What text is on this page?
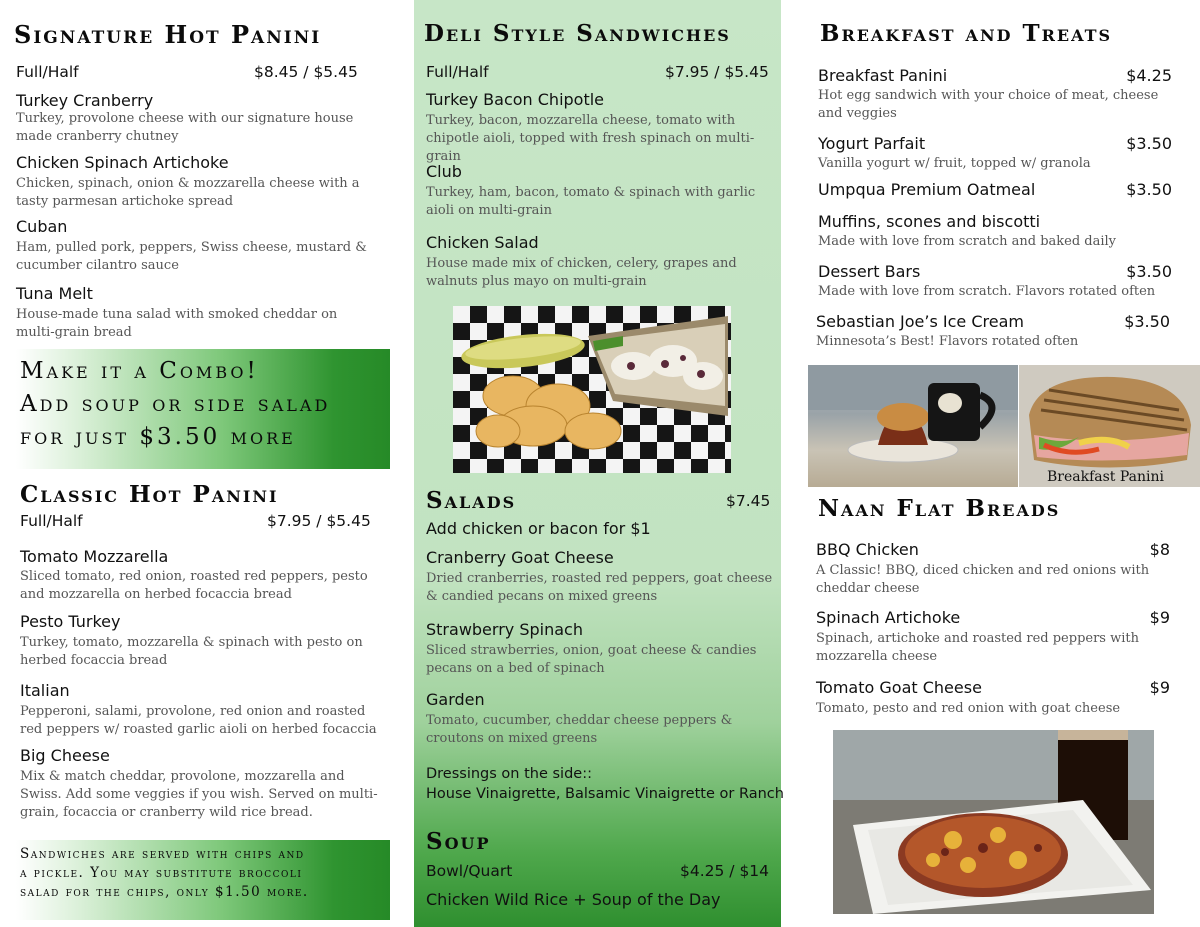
Signature Hot Panini
Full/Half	$8.45 / $5.45
Turkey Cranberry
Turkey, provolone cheese with our signature house made cranberry chutney
Chicken Spinach Artichoke
Chicken, spinach, onion & mozzarella cheese with a tasty parmesan artichoke spread
Cuban
Ham, pulled pork, peppers, Swiss cheese, mustard & cucumber cilantro sauce
Tuna Melt
House-made tuna salad with smoked cheddar on multi-grain bread
Make it a Combo!
Add soup or side salad
for just $3.50 more
Classic Hot Panini
Full/Half	$7.95 / $5.45
Tomato Mozzarella
Sliced tomato, red onion, roasted red peppers, pesto and mozzarella on herbed focaccia bread
Pesto Turkey
Turkey, tomato, mozzarella & spinach with pesto on herbed focaccia bread
Italian
Pepperoni, salami, provolone, red onion and roasted red peppers w/ roasted garlic aioli on herbed focaccia
Big Cheese
Mix & match cheddar, provolone, mozzarella and Swiss. Add some veggies if you wish. Served on multi-grain, focaccia or cranberry wild rice bread.
Sandwiches are served with chips and
a pickle. You may substitute broccoli
salad for the chips, only $1.50 more.
Deli Style Sandwiches
Full/Half	$7.95 / $5.45
Turkey Bacon Chipotle
Turkey, bacon, mozzarella cheese, tomato with chipotle aioli, topped with fresh spinach on multi-grain
Club
Turkey, ham, bacon, tomato & spinach with garlic aioli on multi-grain
Chicken Salad
House made mix of chicken, celery, grapes and walnuts plus mayo on multi-grain
Salads	$7.45
Add chicken or bacon for $1
Cranberry Goat Cheese
Dried cranberries, roasted red peppers, goat cheese & candied pecans on mixed greens
Strawberry Spinach
Sliced strawberries, onion, goat cheese & candies pecans on a bed of spinach
Garden
Tomato, cucumber, cheddar cheese peppers & croutons on mixed greens
Dressings on the side::
House Vinaigrette, Balsamic Vinaigrette or Ranch
Soup
Bowl/Quart	$4.25 / $14
Chicken Wild Rice + Soup of the Day
Breakfast and Treats
Breakfast Panini	$4.25
Hot egg sandwich with your choice of meat, cheese and veggies
Yogurt Parfait	$3.50
Vanilla yogurt w/ fruit, topped w/ granola
Umpqua Premium Oatmeal	$3.50
Muffins, scones and biscotti
Made with love from scratch and baked daily
Dessert Bars	$3.50
Made with love from scratch. Flavors rotated often
Sebastian Joe’s Ice Cream	$3.50
Minnesota’s Best! Flavors rotated often
Breakfast Panini
Naan Flat Breads
BBQ Chicken	$8
A Classic! BBQ, diced chicken and red onions with cheddar cheese
Spinach Artichoke	$9
Spinach, artichoke and roasted red peppers with mozzarella cheese
Tomato Goat Cheese	$9
Tomato, pesto and red onion with goat cheese
